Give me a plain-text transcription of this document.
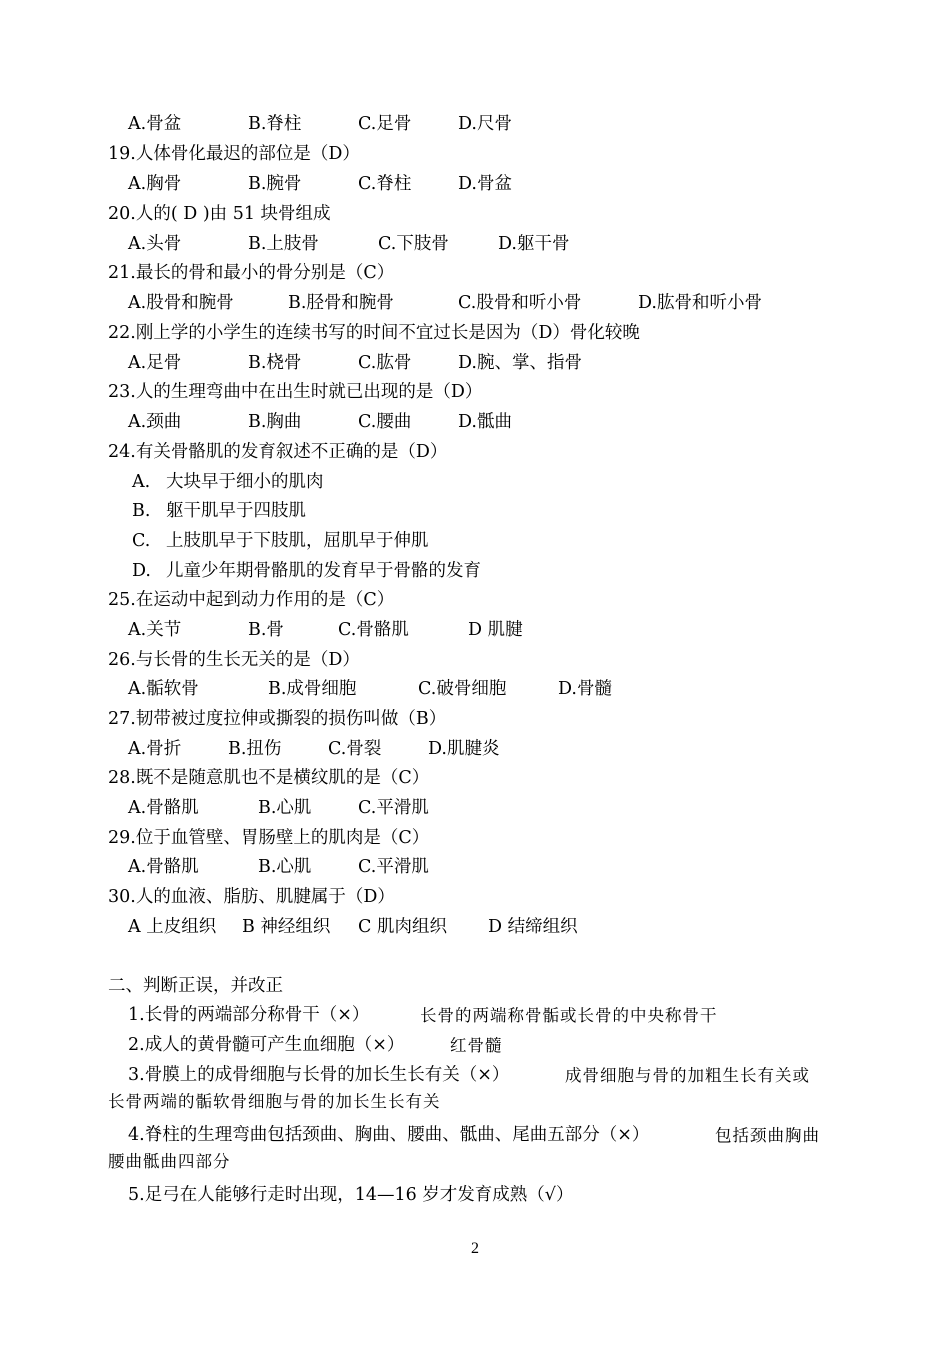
A.骨盆	B.脊柱	C.足骨	D.尺骨
19.人体骨化最迟的部位是（D）
A.胸骨	B.腕骨	C.脊柱	D.骨盆
20.人的( D )由 51 块骨组成
A.头骨	B.上肢骨	C.下肢骨	D.躯干骨
21.最长的骨和最小的骨分别是（C）
A.股骨和腕骨	B.胫骨和腕骨	C.股骨和听小骨	D.肱骨和听小骨
22.刚上学的小学生的连续书写的时间不宜过长是因为（D）骨化较晚
A.足骨	B.桡骨	C.肱骨	D.腕、掌、指骨
23.人的生理弯曲中在出生时就已出现的是（D）
A.颈曲	B.胸曲	C.腰曲	D.骶曲
24.有关骨骼肌的发育叙述不正确的是（D）
A. 大块早于细小的肌肉
B. 躯干肌早于四肢肌
C. 上肢肌早于下肢肌，屈肌早于伸肌
D. 儿童少年期骨骼肌的发育早于骨骼的发育
25.在运动中起到动力作用的是（C）
A.关节	B.骨	C.骨骼肌	D 肌腱
26.与长骨的生长无关的是（D）
A.骺软骨	B.成骨细胞	C.破骨细胞	D.骨髓
27.韧带被过度拉伸或撕裂的损伤叫做（B）
A.骨折	B.扭伤	C.骨裂	D.肌腱炎
28.既不是随意肌也不是横纹肌的是（C）
A.骨骼肌	B.心肌	C.平滑肌
29.位于血管壁、胃肠壁上的肌肉是（C）
A.骨骼肌	B.心肌	C.平滑肌
30.人的血液、脂肪、肌腱属于（D）
A 上皮组织 B 神经组织 C 肌肉组织 D 结缔组织
二、判断正误，并改正
1.长骨的两端部分称骨干（×）	长骨的两端称骨骺或长骨的中央称骨干
2.成人的黄骨髓可产生血细胞（×）	红骨髓
3.骨膜上的成骨细胞与长骨的加长生长有关（×）	成骨细胞与骨的加粗生长有关或
长骨两端的骺软骨细胞与骨的加长生长有关
4.脊柱的生理弯曲包括颈曲、胸曲、腰曲、骶曲、尾曲五部分（×）	包括颈曲胸曲
腰曲骶曲四部分
5.足弓在人能够行走时出现，14—16 岁才发育成熟（√）
2
